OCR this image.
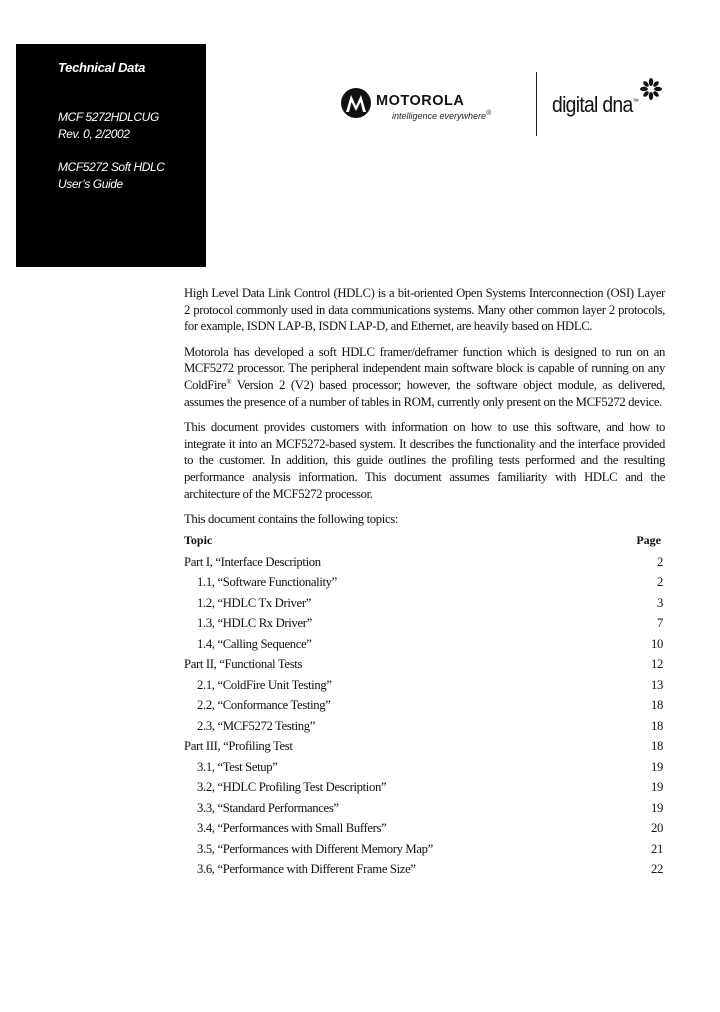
Technical Data
MCF 5272HDLCUG
Rev. 0, 2/2002
MCF5272 Soft HDLC
User’s Guide
MOTOROLA
intelligence everywhere®	digital dna™

High Level Data Link Control (HDLC) is a bit-oriented Open Systems Interconnection (OSI) Layer 2 protocol commonly used in data communications systems. Many other common layer 2 protocols, for example, ISDN LAP-B, ISDN LAP-D, and Ethernet, are heavily based on HDLC.

Motorola has developed a soft HDLC framer/deframer function which is designed to run on an MCF5272 processor. The peripheral independent main software block is capable of running on any ColdFire® Version 2 (V2) based processor; however, the software object module, as delivered, assumes the presence of a number of tables in ROM, currently only present on the MCF5272 device.

This document provides customers with information on how to use this software, and how to integrate it into an MCF5272-based system. It describes the functionality and the interface provided to the customer. In addition, this guide outlines the profiling tests performed and the resulting performance analysis information. This document assumes familiarity with HDLC and the architecture of the MCF5272 processor.

This document contains the following topics:

Topic	Page
Part I, “Interface Description	2
1.1, “Software Functionality”	2
1.2, “HDLC Tx Driver”	3
1.3, “HDLC Rx Driver”	7
1.4, “Calling Sequence”	10
Part II, “Functional Tests	12
2.1, “ColdFire Unit Testing”	13
2.2, “Conformance Testing”	18
2.3, “MCF5272 Testing”	18
Part III, “Profiling Test	18
3.1, “Test Setup”	19
3.2, “HDLC Profiling Test Description”	19
3.3, “Standard Performances”	19
3.4, “Performances with Small Buffers”	20
3.5, “Performances with Different Memory Map”	21
3.6, “Performance with Different Frame Size”	22
